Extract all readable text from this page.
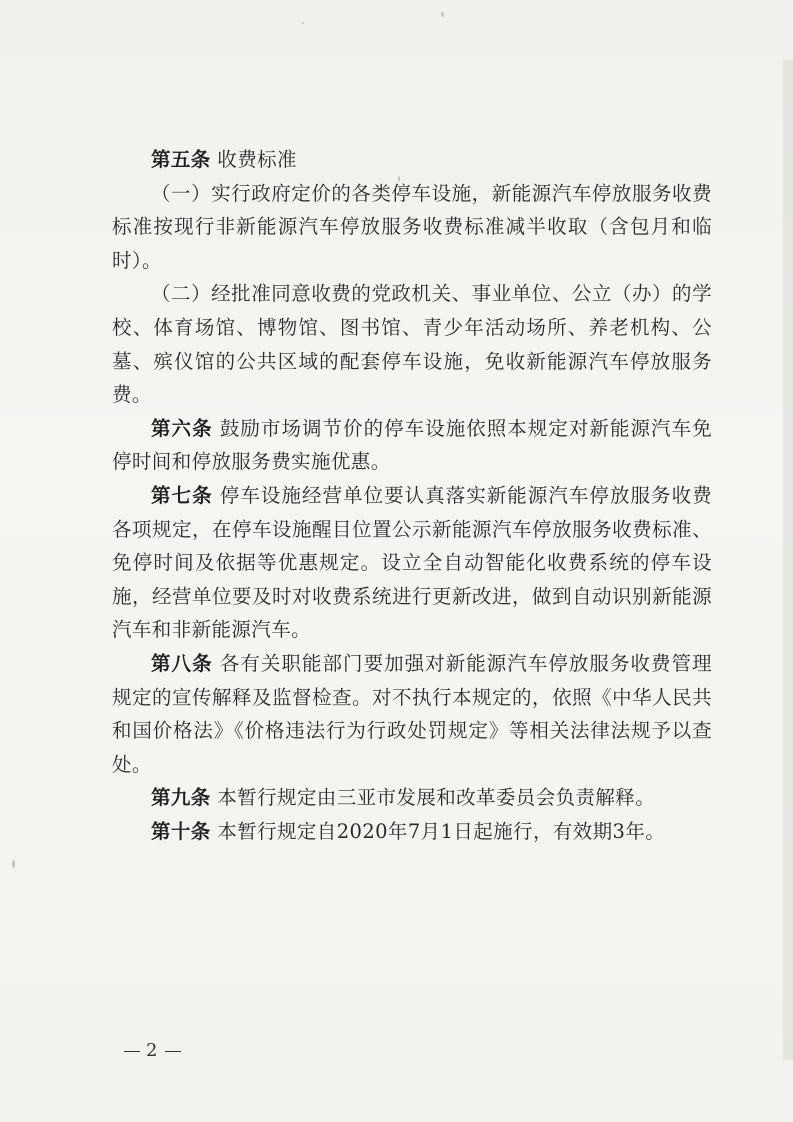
第五条 收费标准

（一）实行政府定价的各类停车设施，新能源汽车停放服务收费标准按现行非新能源汽车停放服务收费标准减半收取（含包月和临时）。

（二）经批准同意收费的党政机关、事业单位、公立（办）的学校、体育场馆、博物馆、图书馆、青少年活动场所、养老机构、公墓、殡仪馆的公共区域的配套停车设施，免收新能源汽车停放服务费。

第六条 鼓励市场调节价的停车设施依照本规定对新能源汽车免停时间和停放服务费实施优惠。

第七条 停车设施经营单位要认真落实新能源汽车停放服务收费各项规定，在停车设施醒目位置公示新能源汽车停放服务收费标准、免停时间及依据等优惠规定。设立全自动智能化收费系统的停车设施，经营单位要及时对收费系统进行更新改进，做到自动识别新能源汽车和非新能源汽车。

第八条 各有关职能部门要加强对新能源汽车停放服务收费管理规定的宣传解释及监督检查。对不执行本规定的，依照《中华人民共和国价格法》《价格违法行为行政处罚规定》等相关法律法规予以查处。

第九条 本暂行规定由三亚市发展和改革委员会负责解释。

第十条 本暂行规定自2020年7月1日起施行，有效期3年。

2
